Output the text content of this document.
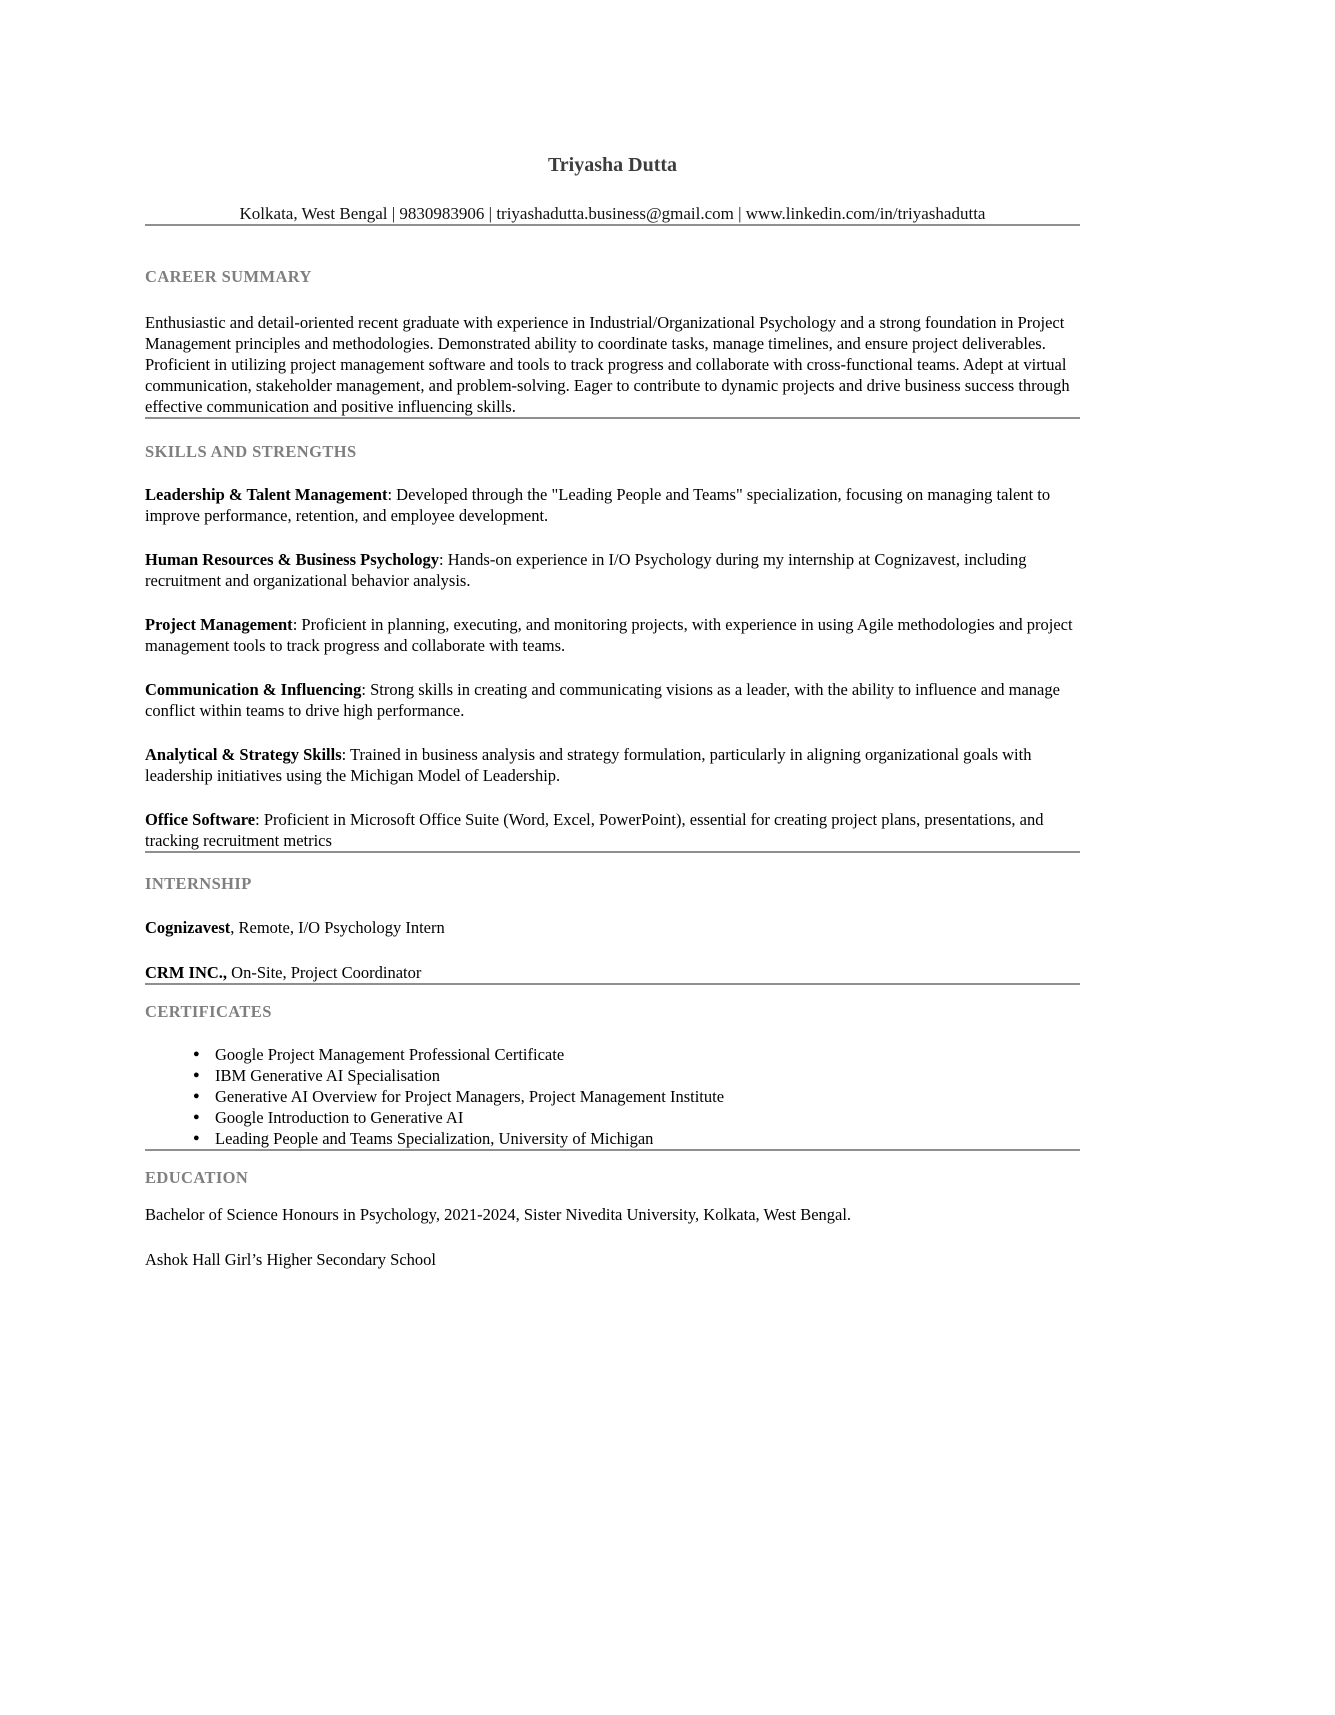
Triyasha Dutta

Kolkata, West Bengal | 9830983906 | triyashadutta.business@gmail.com | www.linkedin.com/in/triyashadutta

CAREER SUMMARY

Enthusiastic and detail-oriented recent graduate with experience in Industrial/Organizational Psychology and a strong foundation in Project Management principles and methodologies. Demonstrated ability to coordinate tasks, manage timelines, and ensure project deliverables. Proficient in utilizing project management software and tools to track progress and collaborate with cross-functional teams. Adept at virtual communication, stakeholder management, and problem-solving. Eager to contribute to dynamic projects and drive business success through effective communication and positive influencing skills.

SKILLS AND STRENGTHS

Leadership & Talent Management: Developed through the "Leading People and Teams" specialization, focusing on managing talent to improve performance, retention, and employee development.

Human Resources & Business Psychology: Hands-on experience in I/O Psychology during my internship at Cognizavest, including recruitment and organizational behavior analysis.

Project Management: Proficient in planning, executing, and monitoring projects, with experience in using Agile methodologies and project management tools to track progress and collaborate with teams.

Communication & Influencing: Strong skills in creating and communicating visions as a leader, with the ability to influence and manage conflict within teams to drive high performance.

Analytical & Strategy Skills: Trained in business analysis and strategy formulation, particularly in aligning organizational goals with leadership initiatives using the Michigan Model of Leadership.

Office Software: Proficient in Microsoft Office Suite (Word, Excel, PowerPoint), essential for creating project plans, presentations, and tracking recruitment metrics

INTERNSHIP

Cognizavest, Remote, I/O Psychology Intern

CRM INC., On-Site, Project Coordinator

CERTIFICATES
● Google Project Management Professional Certificate
● IBM Generative AI Specialisation
● Generative AI Overview for Project Managers, Project Management Institute
● Google Introduction to Generative AI
● Leading People and Teams Specialization, University of Michigan
EDUCATION

Bachelor of Science Honours in Psychology, 2021-2024, Sister Nivedita University, Kolkata, West Bengal.

Ashok Hall Girl’s Higher Secondary School
